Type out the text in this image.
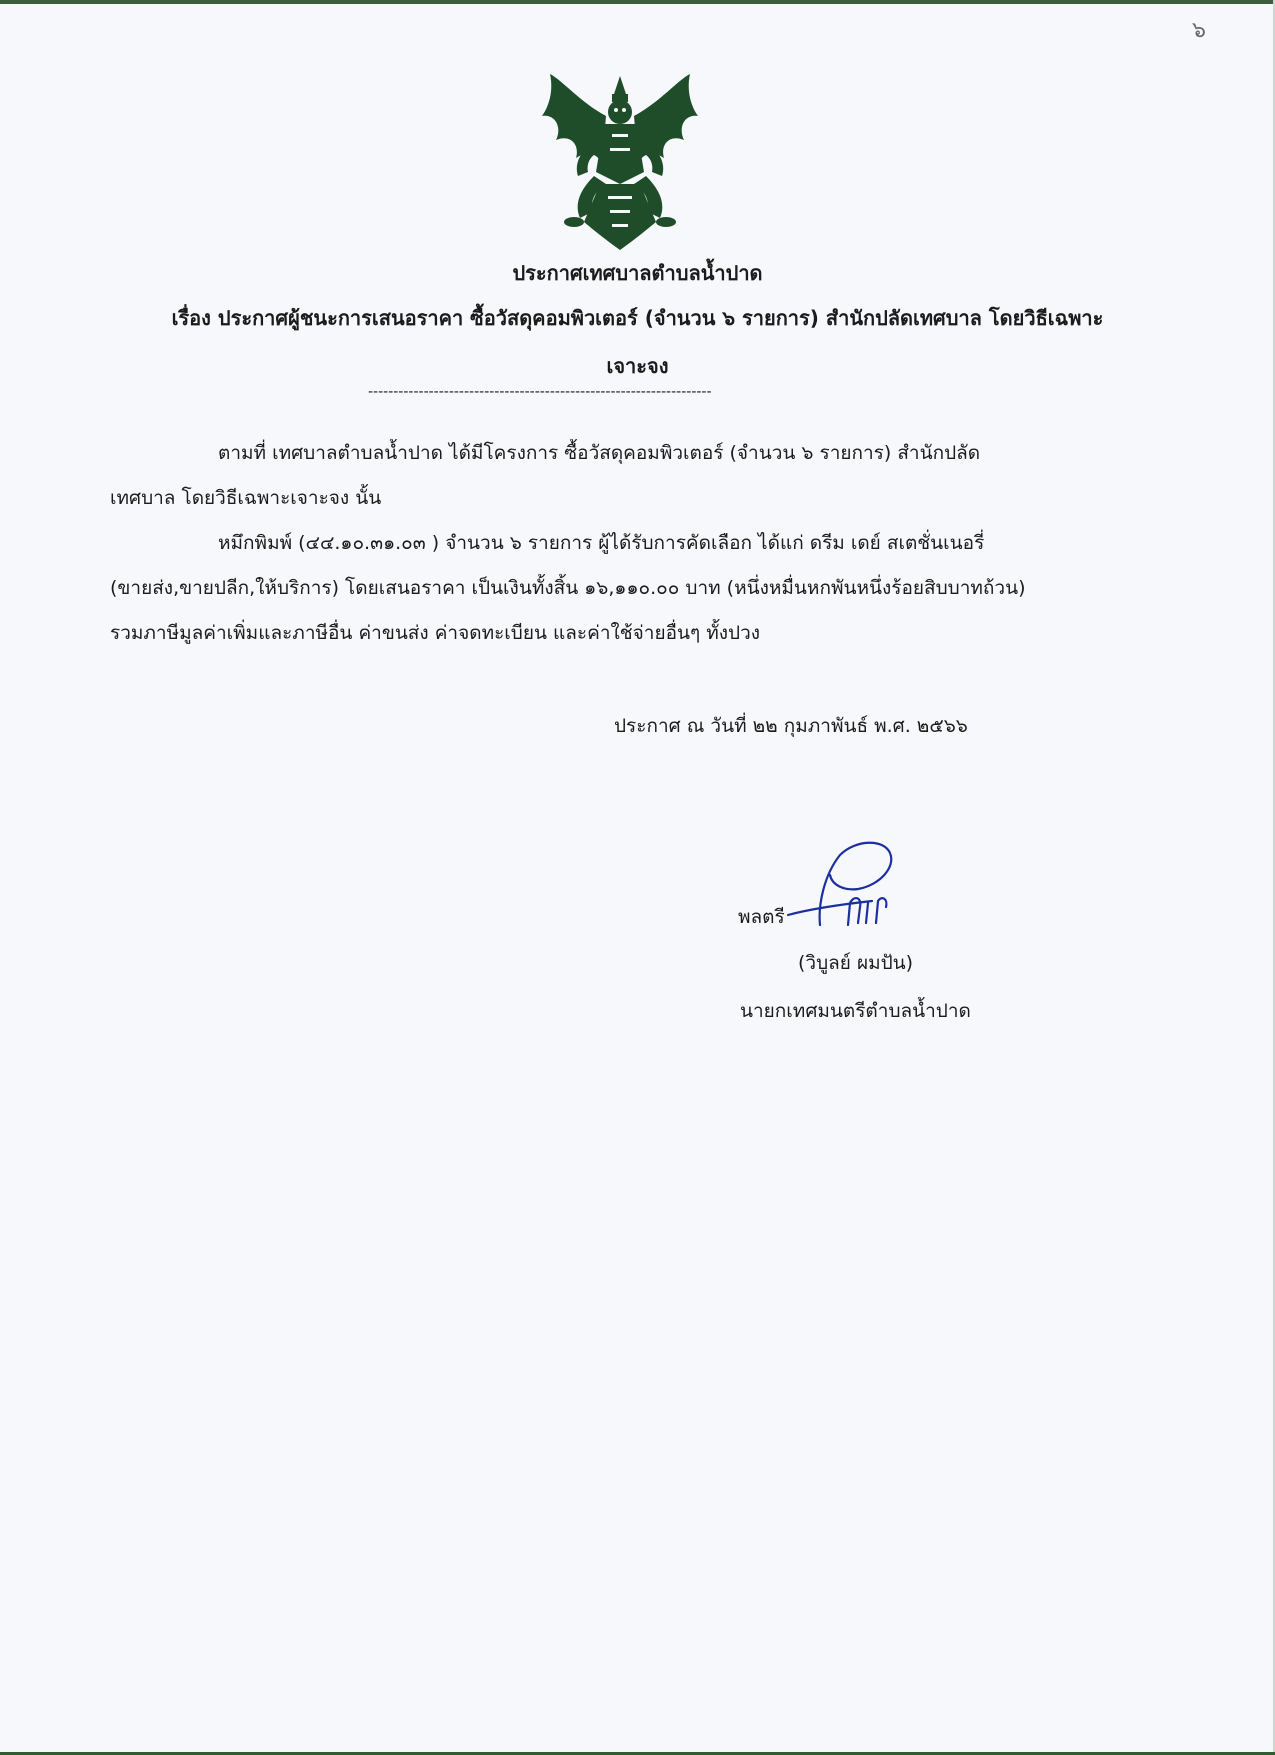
๖
ประกาศเทศบาลตำบลน้ำปาด
เรื่อง ประกาศผู้ชนะการเสนอราคา ซื้อวัสดุคอมพิวเตอร์ (จำนวน ๖ รายการ) สำนักปลัดเทศบาล โดยวิธีเฉพาะ
เจาะจง
--------------------------------------------------------------------
ตามที่ เทศบาลตำบลน้ำปาด ได้มีโครงการ ซื้อวัสดุคอมพิวเตอร์ (จำนวน ๖ รายการ) สำนักปลัด
เทศบาล โดยวิธีเฉพาะเจาะจง นั้น
หมึกพิมพ์ (๔๔.๑๐.๓๑.๐๓ ) จำนวน ๖ รายการ ผู้ได้รับการคัดเลือก ได้แก่ ดรีม เดย์ สเตชั่นเนอรี่
(ขายส่ง,ขายปลีก,ให้บริการ) โดยเสนอราคา เป็นเงินทั้งสิ้น ๑๖,๑๑๐.๐๐ บาท (หนึ่งหมื่นหกพันหนึ่งร้อยสิบบาทถ้วน)
รวมภาษีมูลค่าเพิ่มและภาษีอื่น ค่าขนส่ง ค่าจดทะเบียน และค่าใช้จ่ายอื่นๆ ทั้งปวง
ประกาศ ณ วันที่ ๒๒ กุมภาพันธ์ พ.ศ. ๒๕๖๖
พลตรี
(วิบูลย์ ผมปัน)
นายกเทศมนตรีตำบลน้ำปาด
